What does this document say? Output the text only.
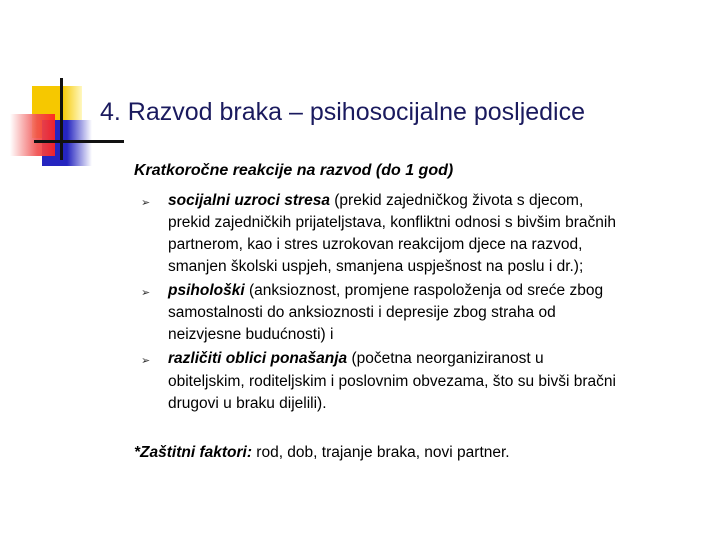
4. Razvod braka – psihosocijalne posljedice
Kratkoročne reakcije na razvod (do 1 god)
➢ socijalni uzroci stresa (prekid zajedničkog života s djecom,
prekid zajedničkih prijateljstava, konfliktni odnosi s bivšim bračnih
partnerom, kao i stres uzrokovan reakcijom djece na razvod,
smanjen školski uspjeh, smanjena uspješnost na poslu i dr.);
➢ psihološki (anksioznost, promjene raspoloženja od sreće zbog
samostalnosti do anksioznosti i depresije zbog straha od
neizvjesne budućnosti) i
➢ različiti oblici ponašanja (početna neorganiziranost u
obiteljskim, roditeljskim i poslovnim obvezama, što su bivši bračni
drugovi u braku dijelili).
*Zaštitni faktori: rod, dob, trajanje braka, novi partner.
